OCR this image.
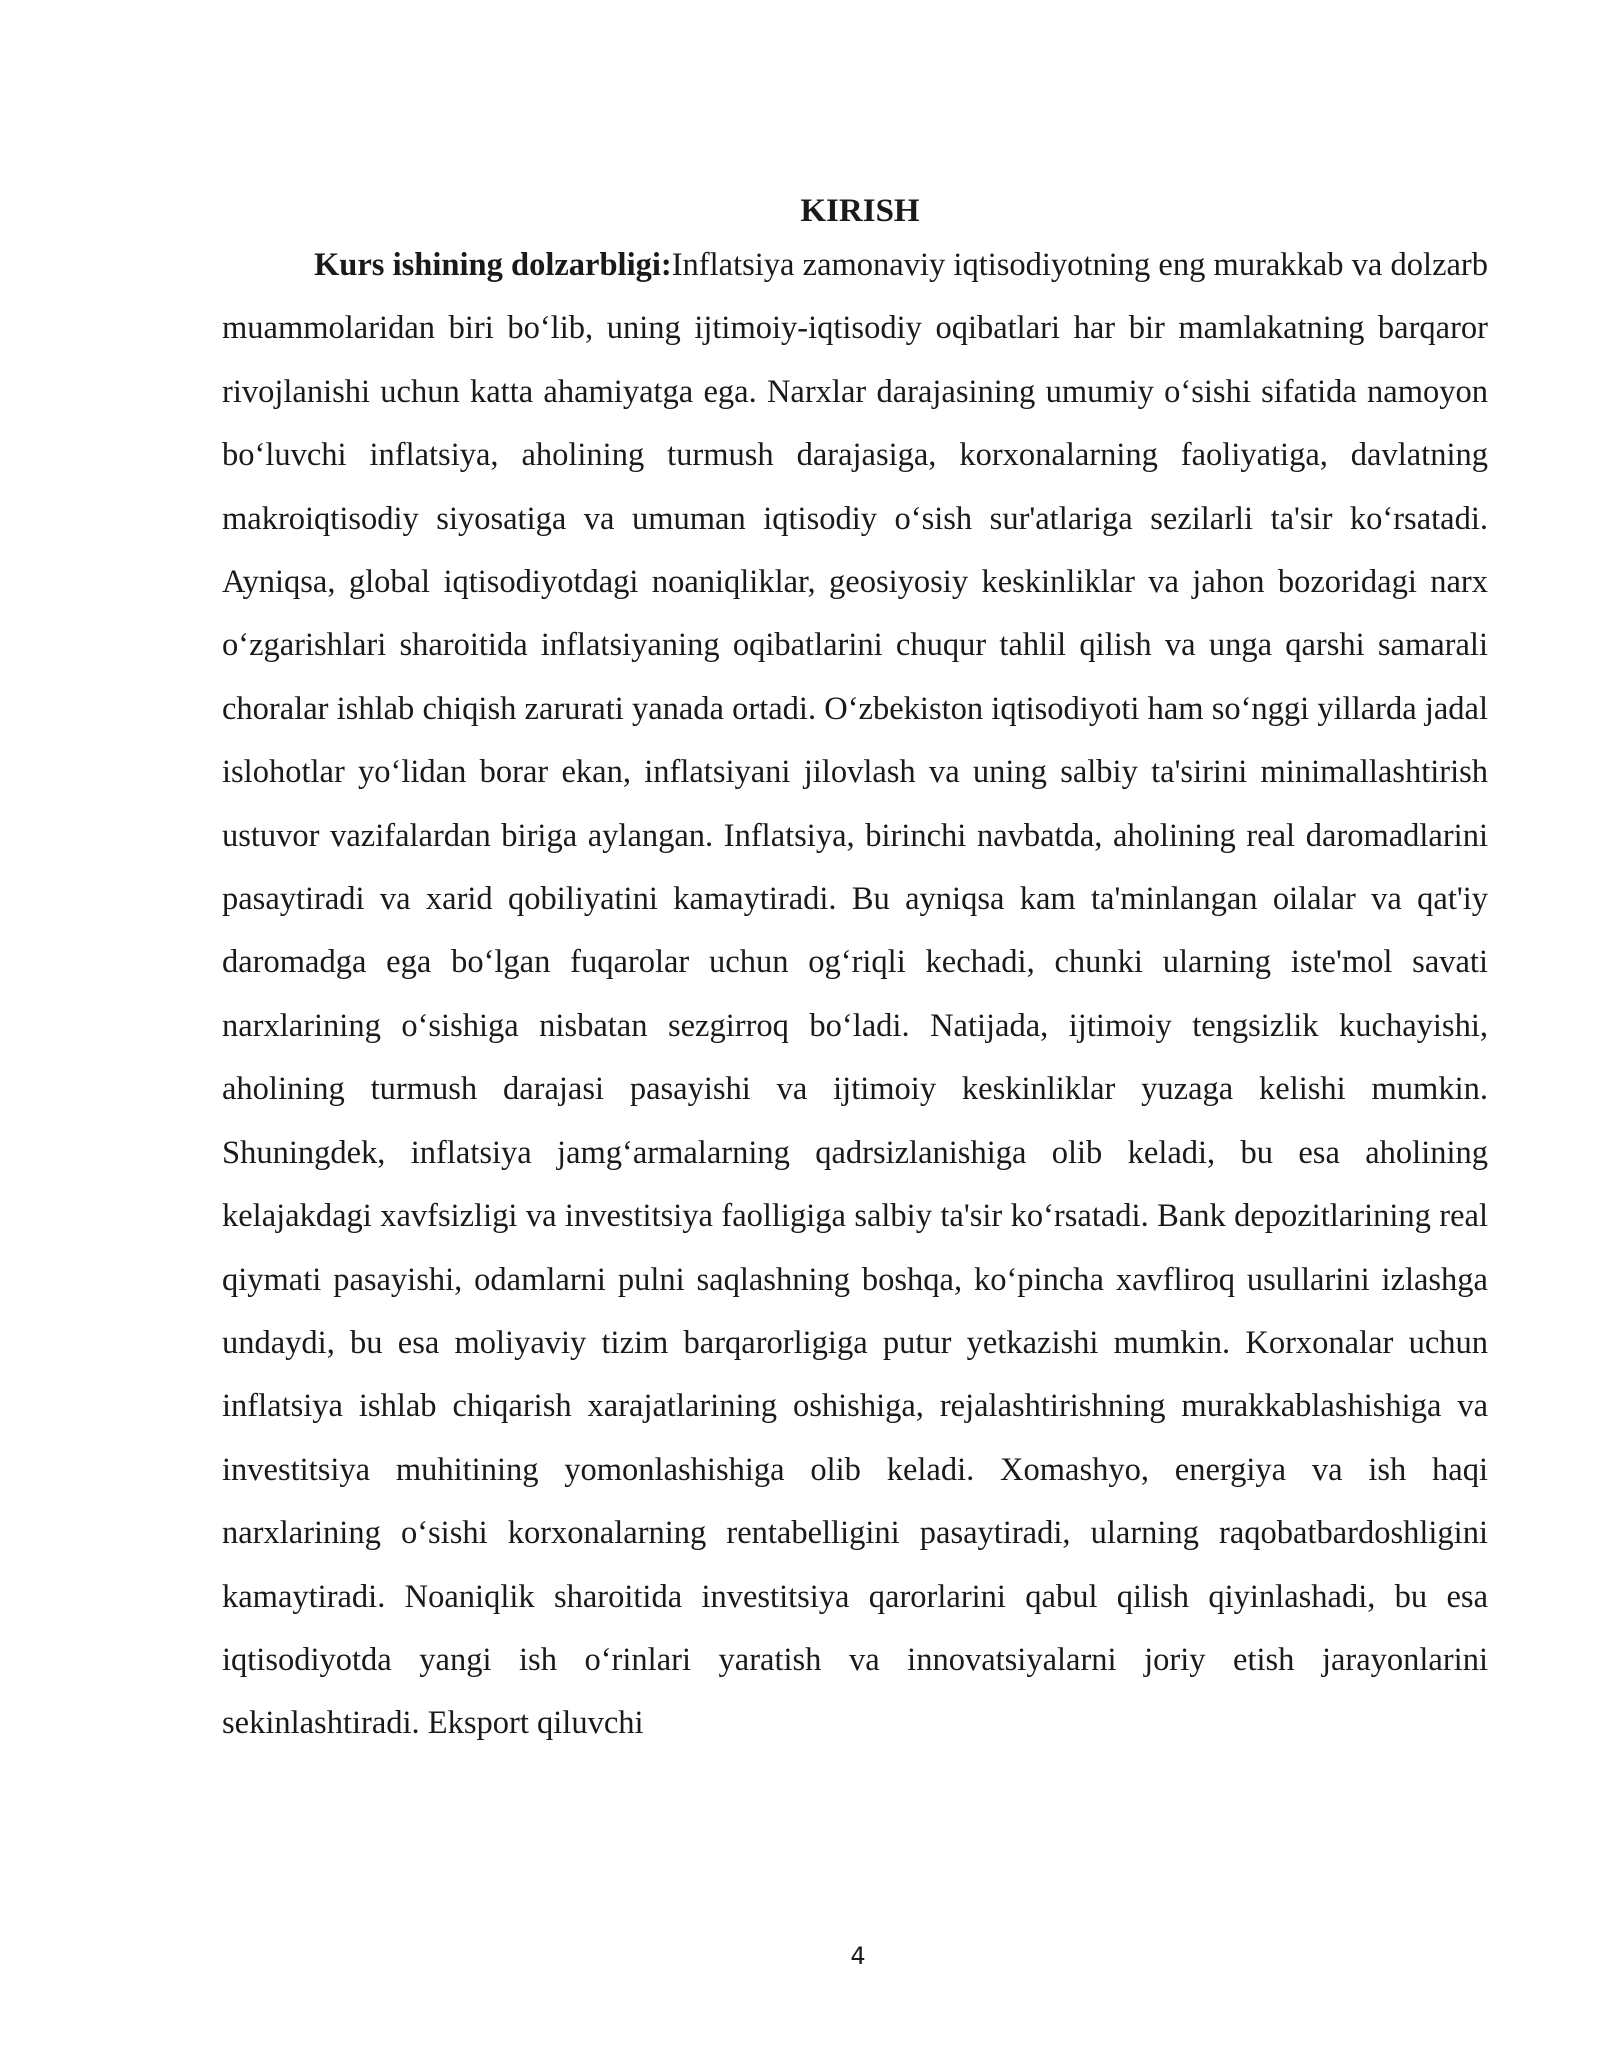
KIRISH

Kurs ishining dolzarbligi:Inflatsiya zamonaviy iqtisodiyotning eng murakkab va dolzarb muammolaridan biri bo‘lib, uning ijtimoiy-iqtisodiy oqibatlari har bir mamlakatning barqaror rivojlanishi uchun katta ahamiyatga ega. Narxlar darajasining umumiy o‘sishi sifatida namoyon bo‘luvchi inflatsiya, aholining turmush darajasiga, korxonalarning faoliyatiga, davlatning makroiqtisodiy siyosatiga va umuman iqtisodiy o‘sish sur'atlariga sezilarli ta'sir ko‘rsatadi. Ayniqsa, global iqtisodiyotdagi noaniqliklar, geosiyosiy keskinliklar va jahon bozoridagi narx o‘zgarishlari sharoitida inflatsiyaning oqibatlarini chuqur tahlil qilish va unga qarshi samarali choralar ishlab chiqish zarurati yanada ortadi. O‘zbekiston iqtisodiyoti ham so‘nggi yillarda jadal islohotlar yo‘lidan borar ekan, inflatsiyani jilovlash va uning salbiy ta'sirini minimallashtirish ustuvor vazifalardan biriga aylangan. Inflatsiya, birinchi navbatda, aholining real daromadlarini pasaytiradi va xarid qobiliyatini kamaytiradi. Bu ayniqsa kam ta'minlangan oilalar va qat'iy daromadga ega bo‘lgan fuqarolar uchun og‘riqli kechadi, chunki ularning iste'mol savati narxlarining o‘sishiga nisbatan sezgirroq bo‘ladi. Natijada, ijtimoiy tengsizlik kuchayishi, aholining turmush darajasi pasayishi va ijtimoiy keskinliklar yuzaga kelishi mumkin. Shuningdek, inflatsiya jamg‘armalarning qadrsizlanishiga olib keladi, bu esa aholining kelajakdagi xavfsizligi va investitsiya faolligiga salbiy ta'sir ko‘rsatadi. Bank depozitlarining real qiymati pasayishi, odamlarni pulni saqlashning boshqa, ko‘pincha xavfliroq usullarini izlashga undaydi, bu esa moliyaviy tizim barqarorligiga putur yetkazishi mumkin. Korxonalar uchun inflatsiya ishlab chiqarish xarajatlarining oshishiga, rejalashtirishning murakkablashishiga va investitsiya muhitining yomonlashishiga olib keladi. Xomashyo, energiya va ish haqi narxlarining o‘sishi korxonalarning rentabelligini pasaytiradi, ularning raqobatbardoshligini kamaytiradi. Noaniqlik sharoitida investitsiya qarorlarini qabul qilish qiyinlashadi, bu esa iqtisodiyotda yangi ish o‘rinlari yaratish va innovatsiyalarni joriy etish jarayonlarini sekinlashtiradi. Eksport qiluvchi

4
